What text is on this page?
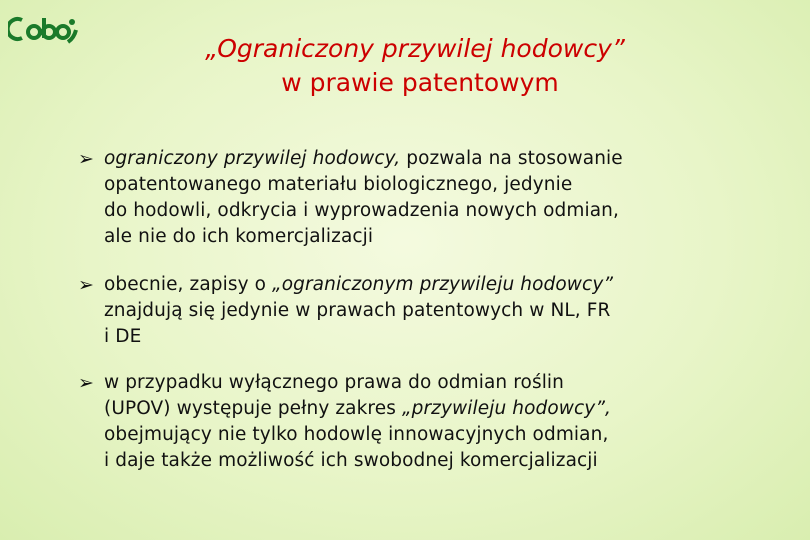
„Ograniczony przywilej hodowcy”
w prawie patentowym
➢ ograniczony przywilej hodowcy, pozwala na stosowanie
opatentowanego materiału biologicznego, jedynie
do hodowli, odkrycia i wyprowadzenia nowych odmian,
ale nie do ich komercjalizacji
➢ obecnie, zapisy o „ograniczonym przywileju hodowcy”
znajdują się jedynie w prawach patentowych w NL, FR
i DE
➢ w przypadku wyłącznego prawa do odmian roślin
(UPOV) występuje pełny zakres „przywileju hodowcy”,
obejmujący nie tylko hodowlę innowacyjnych odmian,
i daje także możliwość ich swobodnej komercjalizacji
